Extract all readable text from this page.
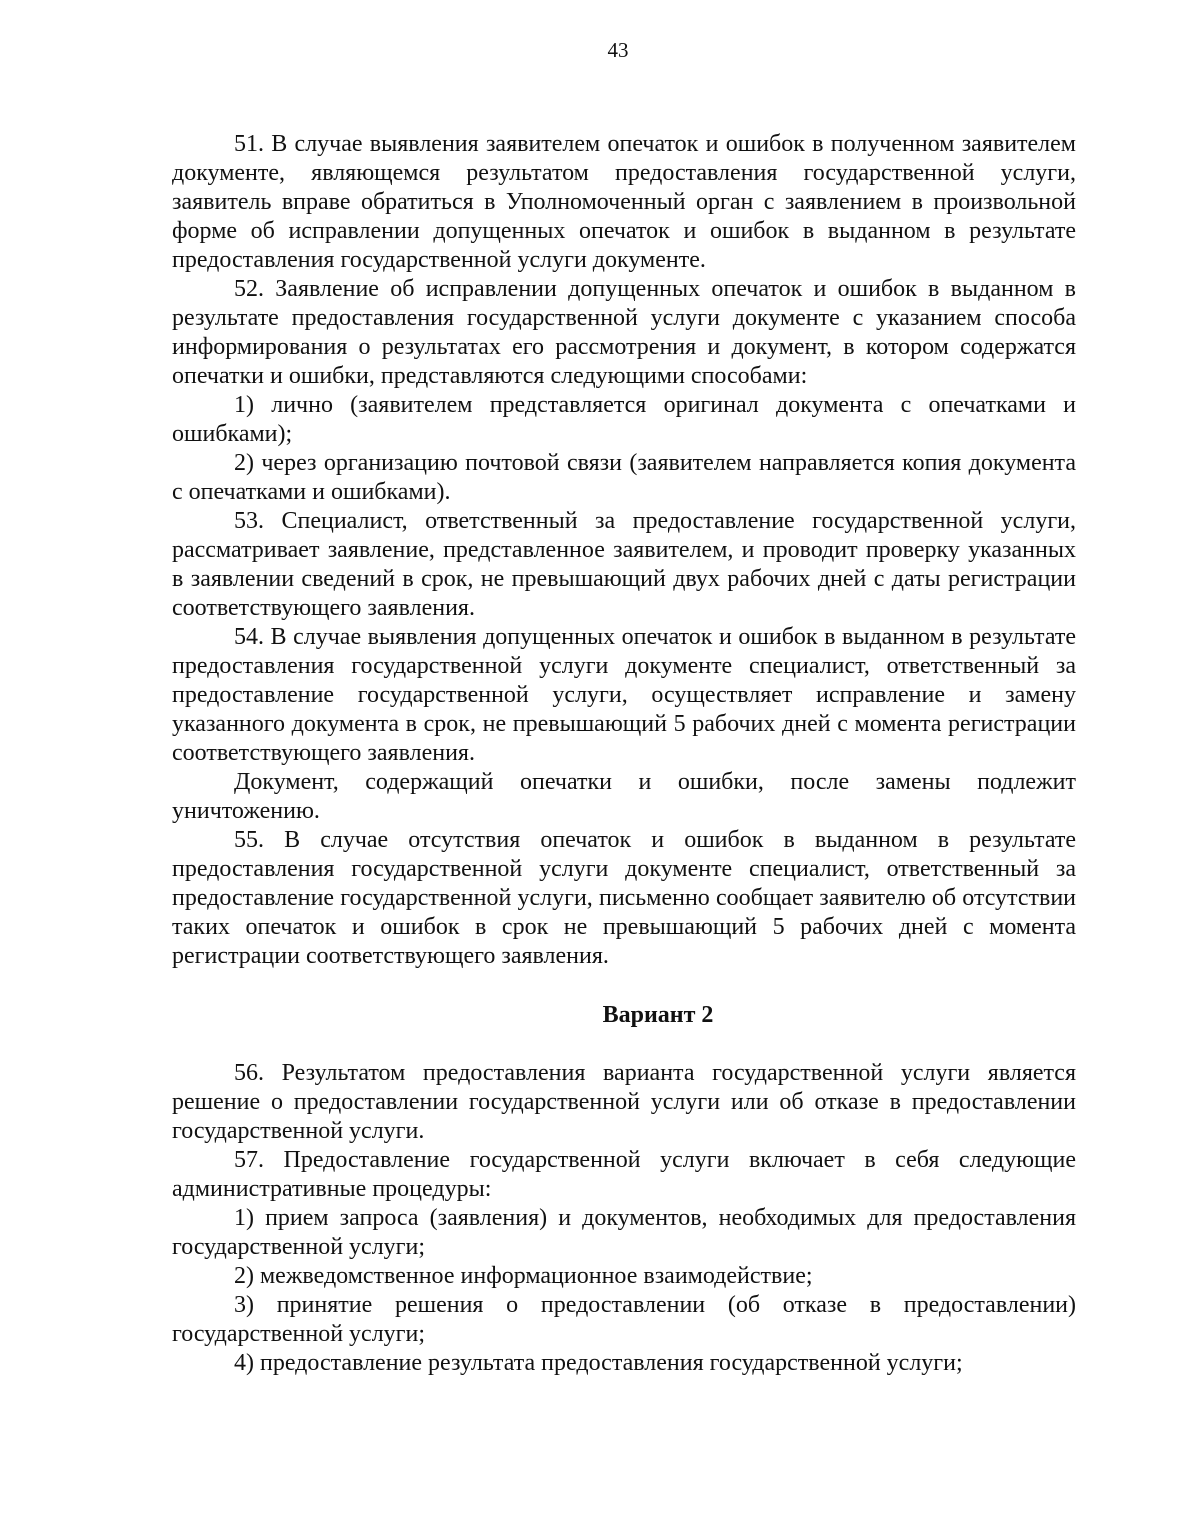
43

51. В случае выявления заявителем опечаток и ошибок в полученном заявителем документе, являющемся результатом предоставления государственной услуги, заявитель вправе обратиться в Уполномоченный орган с заявлением в произвольной форме об исправлении допущенных опечаток и ошибок в выданном в результате предоставления государственной услуги документе.

52. Заявление об исправлении допущенных опечаток и ошибок в выданном в результате предоставления государственной услуги документе с указанием способа информирования о результатах его рассмотрения и документ, в котором содержатся опечатки и ошибки, представляются следующими способами:

1) лично (заявителем представляется оригинал документа с опечатками и ошибками);

2) через организацию почтовой связи (заявителем направляется копия документа с опечатками и ошибками).

53. Специалист, ответственный за предоставление государственной услуги, рассматривает заявление, представленное заявителем, и проводит проверку указанных в заявлении сведений в срок, не превышающий двух рабочих дней с даты регистрации соответствующего заявления.

54. В случае выявления допущенных опечаток и ошибок в выданном в результате предоставления государственной услуги документе специалист, ответственный за предоставление государственной услуги, осуществляет исправление и замену указанного документа в срок, не превышающий 5 рабочих дней с момента регистрации соответствующего заявления.

Документ, содержащий опечатки и ошибки, после замены подлежит уничтожению.

55. В случае отсутствия опечаток и ошибок в выданном в результате предоставления государственной услуги документе специалист, ответственный за предоставление государственной услуги, письменно сообщает заявителю об отсутствии таких опечаток и ошибок в срок не превышающий 5 рабочих дней с момента регистрации соответствующего заявления.

Вариант 2

56. Результатом предоставления варианта государственной услуги является решение о предоставлении государственной услуги или об отказе в предоставлении государственной услуги.

57. Предоставление государственной услуги включает в себя следующие административные процедуры:

1) прием запроса (заявления) и документов, необходимых для предоставления государственной услуги;

2) межведомственное информационное взаимодействие;

3) принятие решения о предоставлении (об отказе в предоставлении) государственной услуги;

4) предоставление результата предоставления государственной услуги;
